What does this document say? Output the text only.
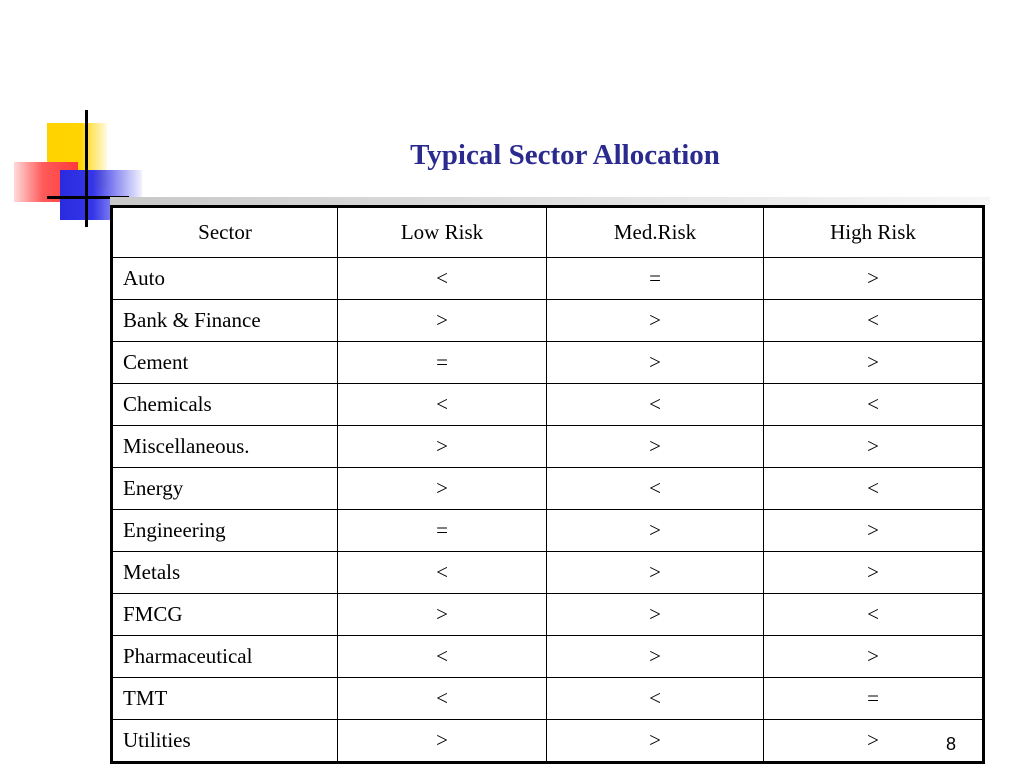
Typical Sector Allocation
Sector	Low Risk	Med.Risk	High Risk
Auto	<	=	>
Bank & Finance	>	>	<
Cement	=	>	>
Chemicals	<	<	<
Miscellaneous.	>	>	>
Energy	>	<	<
Engineering	=	>	>
Metals	<	>	>
FMCG	>	>	<
Pharmaceutical	<	>	>
TMT	<	<	=
Utilities	>	>	>	8
